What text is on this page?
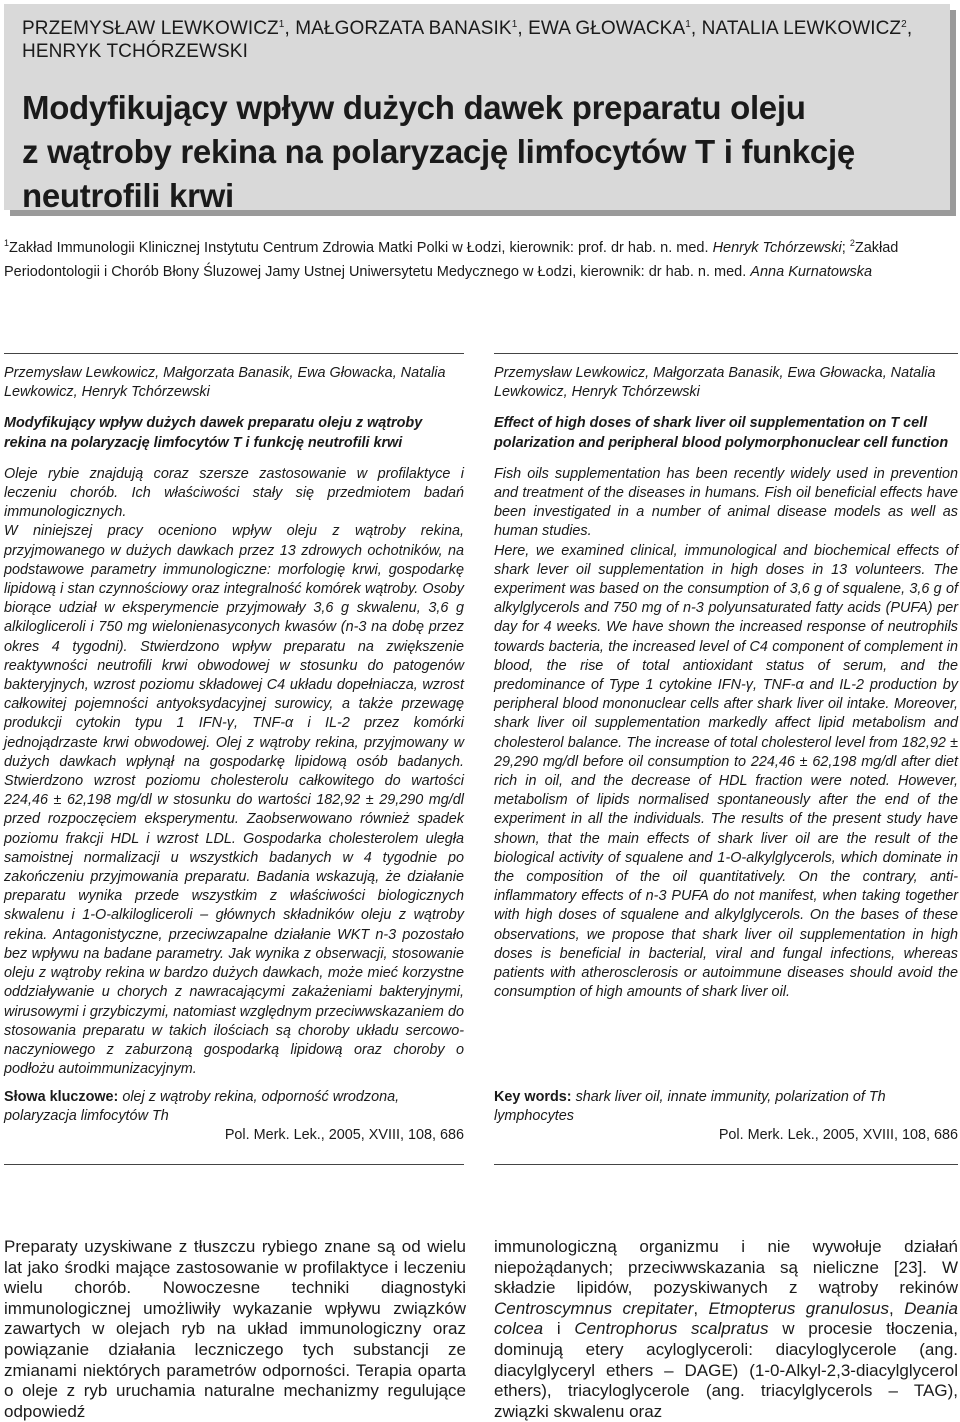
PRZEMYSŁAW LEWKOWICZ$^1$, MAŁGORZATA BANASIK$^1$, EWA GŁOWACKA$^1$, NATALIA LEWKOWICZ$^2$,
HENRYK TCHÓRZEWSKI
Modyfikujący wpływ dużych dawek preparatu oleju
z wątroby rekina na polaryzację limfocytów T i funkcję
neutrofili krwi
$^1$Zakład Immunologii Klinicznej Instytutu Centrum Zdrowia Matki Polki w Łodzi, kierownik: prof. dr hab. n. med. Henryk Tchórzewski; $^2$Zakład Periodontologii i Chorób Błony Śluzowej Jamy Ustnej Uniwersytetu Medycznego w Łodzi, kierownik: dr hab. n. med. Anna Kurnatowska

Przemysław Lewkowicz, Małgorzata Banasik, Ewa Głowacka, Natalia Lewkowicz, Henryk Tchórzewski

Modyfikujący wpływ dużych dawek preparatu oleju z wątroby rekina na polaryzację limfocytów T i funkcję neutrofili krwi

Oleje rybie znajdują coraz szersze zastosowanie w profilaktyce i leczeniu chorób. Ich właściwości stały się przedmiotem badań immunologicznych.

W niniejszej pracy oceniono wpływ oleju z wątroby rekina, przyjmowanego w dużych dawkach przez 13 zdrowych ochotników, na podstawowe parametry immunologiczne: morfologię krwi, gospodarkę lipidową i stan czynnościowy oraz integralność komórek wątroby. Osoby biorące udział w eksperymencie przyjmowały 3,6 g skwalenu, 3,6 g alkilogliceroli i 750 mg wielonienasyconych kwasów (n-3 na dobę przez okres 4 tygodni). Stwierdzono wpływ preparatu na zwiększenie reaktywności neutrofili krwi obwodowej w stosunku do patogenów bakteryjnych, wzrost poziomu składowej C4 układu dopełniacza, wzrost całkowitej pojemności antyoksydacyjnej surowicy, a także przewagę produkcji cytokin typu 1 IFN-γ, TNF-α i IL-2 przez komórki jednojądrzaste krwi obwodowej. Olej z wątroby rekina, przyjmowany w dużych dawkach wpłynął na gospodarkę lipidową osób badanych. Stwierdzono wzrost poziomu cholesterolu całkowitego do wartości 224,46 ± 62,198 mg/dl w stosunku do wartości 182,92 ± 29,290 mg/dl przed rozpoczęciem eksperymentu. Zaobserwowano również spadek poziomu frakcji HDL i wzrost LDL. Gospodarka cholesterolem uległa samoistnej normalizacji u wszystkich badanych w 4 tygodnie po zakończeniu przyjmowania preparatu. Badania wskazują, że działanie preparatu wynika przede wszystkim z właściwości biologicznych skwalenu i 1-O-alkilogliceroli – głównych składników oleju z wątroby rekina. Antagonistyczne, przeciwzapalne działanie WKT n-3 pozostało bez wpływu na badane parametry. Jak wynika z obserwacji, stosowanie oleju z wątroby rekina w bardzo dużych dawkach, może mieć korzystne oddziaływanie u chorych z nawracającymi zakażeniami bakteryjnymi, wirusowymi i grzybiczymi, natomiast względnym przeciwwskazaniem do stosowania preparatu w takich ilościach są choroby układu sercowo-naczyniowego z zaburzoną gospodarką lipidową oraz choroby o podłożu autoimmunizacyjnym.

Przemysław Lewkowicz, Małgorzata Banasik, Ewa Głowacka, Natalia Lewkowicz, Henryk Tchórzewski

Effect of high doses of shark liver oil supplementation on T cell polarization and peripheral blood polymorphonuclear cell function

Fish oils supplementation has been recently widely used in prevention and treatment of the diseases in humans. Fish oil beneficial effects have been investigated in a number of animal disease models as well as human studies.

Here, we examined clinical, immunological and biochemical effects of shark lever oil supplementation in high doses in 13 volunteers. The experiment was based on the consumption of 3,6 g of squalene, 3,6 g of alkylglycerols and 750 mg of n-3 polyunsaturated fatty acids (PUFA) per day for 4 weeks. We have shown the increased response of neutrophils towards bacteria, the increased level of C4 component of complement in blood, the rise of total antioxidant status of serum, and the predominance of Type 1 cytokine IFN-γ, TNF-α and IL-2 production by peripheral blood mononuclear cells after shark liver oil intake. Moreover, shark liver oil supplementation markedly affect lipid metabolism and cholesterol balance. The increase of total cholesterol level from 182,92 ± 29,290 mg/dl before oil consumption to 224,46 ± 62,198 mg/dl after diet rich in oil, and the decrease of HDL fraction were noted. However, metabolism of lipids normalised spontaneously after the end of the experiment in all the individuals. The results of the present study have shown, that the main effects of shark liver oil are the result of the biological activity of squalene and 1-O-alkylglycerols, which dominate in the composition of the oil quantitatively. On the contrary, anti-inflammatory effects of n-3 PUFA do not manifest, when taking together with high doses of squalene and alkylglycerols. On the bases of these observations, we propose that shark liver oil supplementation in high doses is beneficial in bacterial, viral and fungal infections, whereas patients with atherosclerosis or autoimmune diseases should avoid the consumption of high amounts of shark liver oil.

Słowa kluczowe: olej z wątroby rekina, odporność wrodzona, polaryzacja limfocytów Th
Pol. Merk. Lek., 2005, XVIII, 108, 686
Key words: shark liver oil, innate immunity, polarization of Th lymphocytes
Pol. Merk. Lek., 2005, XVIII, 108, 686
Preparaty uzyskiwane z tłuszczu rybiego znane są od wielu lat jako środki mające zastosowanie w profilaktyce i leczeniu wielu chorób. Nowoczesne techniki diagnostyki immunologicznej umożliwiły wykazanie wpływu związków zawartych w olejach ryb na układ immunologiczny oraz powiązanie działania leczniczego tych substancji ze zmianami niektórych parametrów odporności. Terapia oparta o oleje z ryb uruchamia naturalne mechanizmy regulujące odpowiedź
immunologiczną organizmu i nie wywołuje działań niepożądanych; przeciwwskazania są nieliczne [23]. W składzie lipidów, pozyskiwanych z wątroby rekinów Centroscymnus crepitater, Etmopterus granulosus, Deania colcea i Centrophorus scalpratus w procesie tłoczenia, dominują etery acyloglyceroli: diacyloglycerole (ang. diacylglyceryl ethers – DAGE) (1-0-Alkyl-2,3-diacylglycerol ethers), triacyloglycerole (ang. triacylglycerols – TAG), związki skwalenu oraz
